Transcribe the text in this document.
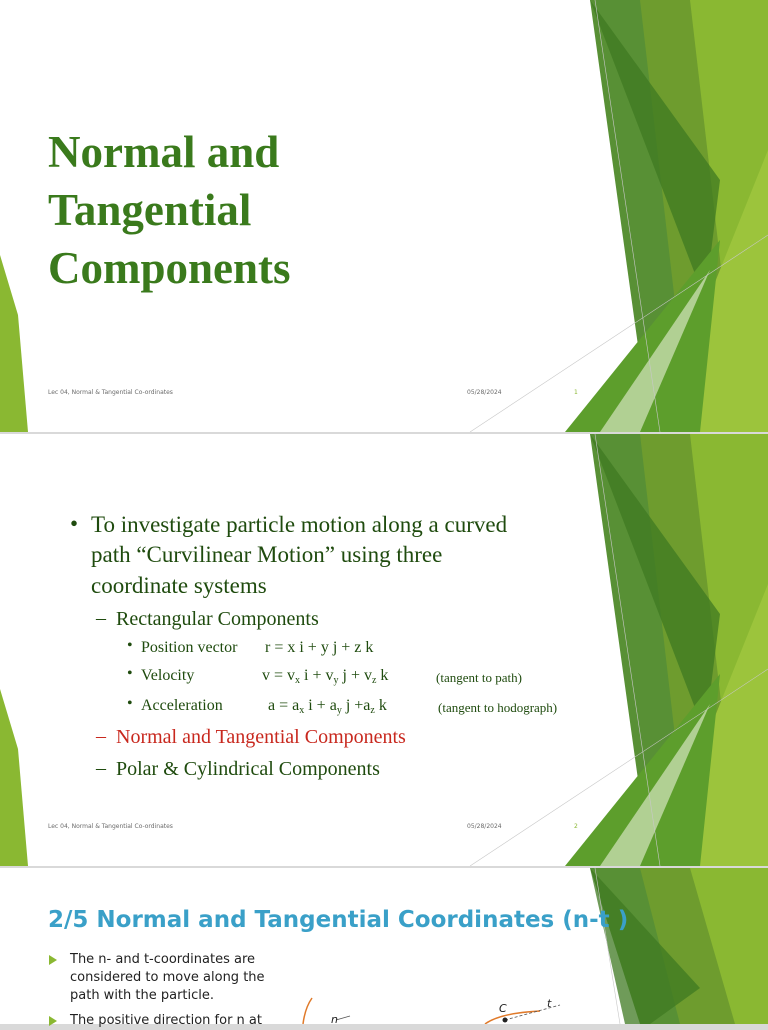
Normal and
Tangential
Components
Lec 04, Normal & Tangential Co-ordinates	05/28/2024	1
Lec 04, Normal & Tangential Co-ordinates	05/28/2024	2
• To investigate particle motion along a curved
path “Curvilinear Motion” using three
coordinate systems
– Rectangular Components
• Position vector r = x i + y j + z k
• Velocity	$v = v_x$ $i + v_y$ $j + v_z$ k	(tangent to path)
• Acceleration	$a = a_x$ $i + a_y$ $j +a_z$ k	(tangent to hodograph)
– Normal and Tangential Components
– Polar & Cylindrical Components
n
C	t
2/5 Normal and Tangential Coordinates (n-t )
The n- and t-coordinates are
considered to move along the
path with the particle.
The positive direction for n at
